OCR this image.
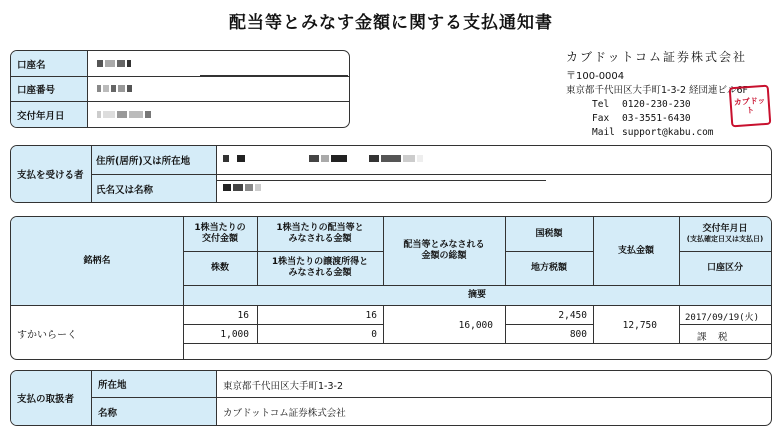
配当等とみなす金額に関する支払通知書
口座名
口座番号
交付年月日
カブドットコム証券株式会社
〒100-0004
東京都千代田区大手町1-3-2 経団連ビル6F
Tel 0120-230-230
Fax 03-3551-6430
Mail support@kabu.com
カブドット
支払を受ける者
住所(居所)又は所在地
氏名又は名称
銘柄名
1株当たりの
交付金額
株数
1株当たりの配当等と
みなされる金額
1株当たりの譲渡所得と
みなされる金額
配当等とみなされる
金額の総額
国税額
地方税額
支払金額
交付年月日
(支払確定日又は支払日)
口座区分
摘要
すかいらーく
16
1,000
16
0
16,000
2,450
800
12,750
2017/09/19(火)
課  税
支払の取扱者
所在地
名称
東京都千代田区大手町1-3-2
カブドットコム証券株式会社
